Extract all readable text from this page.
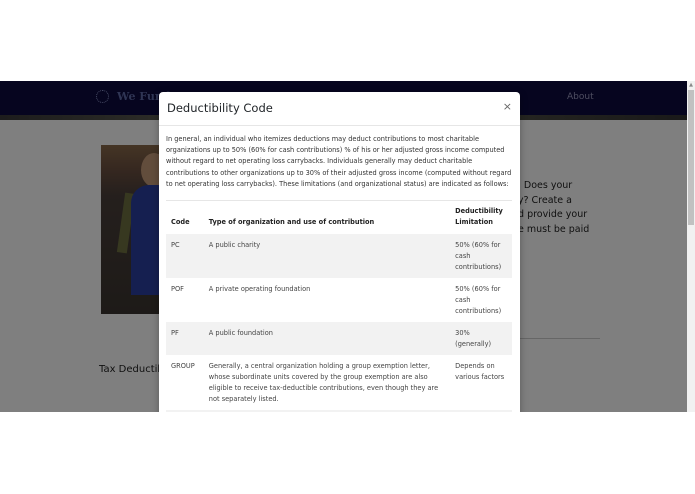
Deductibility Code	×

In general, an individual who itemizes deductions may deduct contributions to most charitable organizations up to 50% (60% for cash contributions) % of his or her adjusted gross income computed without regard to net operating loss carrybacks. Individuals generally may deduct charitable contributions to other organizations up to 30% of their adjusted gross income (computed without regard to net operating loss carrybacks). These limitations (and organizational status) are indicated as follows:

Code	Type of organization and use of contribution	Deductibility Limitation
PC	A public charity	50% (60% for cash contributions)
POF	A private operating foundation	50% (60% for cash contributions)
PF	A public foundation	30% (generally)
GROUP	Generally, a central organization holding a group exemption letter, whose subordinate units covered by the group exemption are also eligible to receive tax-deductible contributions, even though they are not separately listed.	Depends on various factors

▲
